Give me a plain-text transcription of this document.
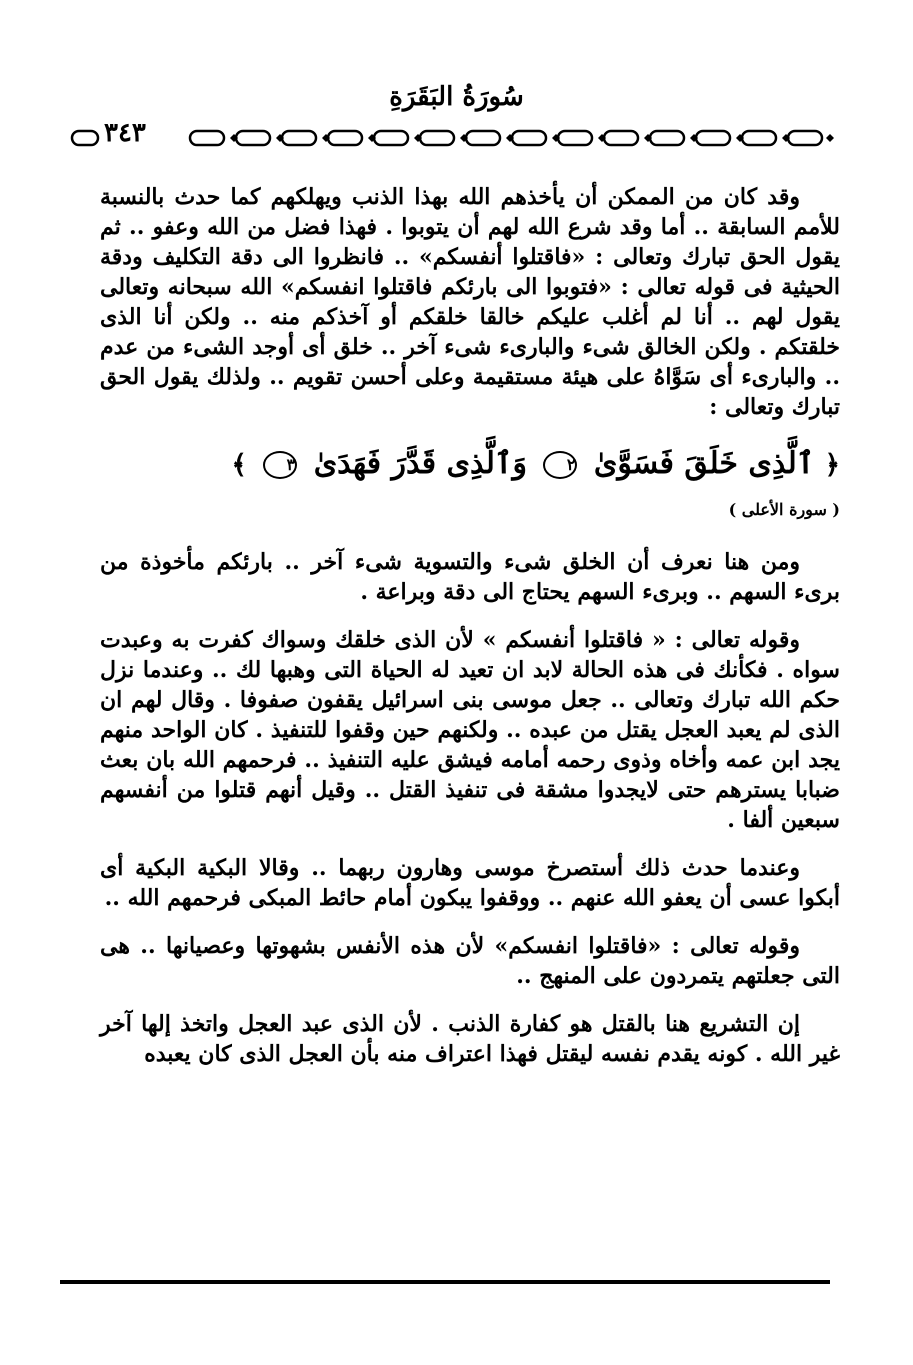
سُورَةُ البَقَرَةِ
٣٤٣

وقد كان من الممكن أن يأخذهم الله بهذا الذنب ويهلكهم كما حدث بالنسبة للأمم السابقة .. أما وقد شرع الله لهم أن يتوبوا . فهذا فضل من الله وعفو .. ثم يقول الحق تبارك وتعالى : «فاقتلوا أنفسكم» .. فانظروا الى دقة التكليف ودقة الحيثية فى قوله تعالى : «فتوبوا الى بارئكم فاقتلوا انفسكم» الله سبحانه وتعالى يقول لهم .. أنا لم أغلب عليكم خالقا خلقكم أو آخذكم منه .. ولكن أنا الذى خلقتكم . ولكن الخالق شىء والبارىء شىء آخر .. خلق أى أوجد الشىء من عدم .. والبارىء أى سَوَّاهُ على هيئة مستقيمة وعلى أحسن تقويم .. ولذلك يقول الحق تبارك وتعالى :

﴿ ٱلَّذِى خَلَقَ فَسَوَّىٰ ٢ وَٱلَّذِى قَدَّرَ فَهَدَىٰ ٣ ﴾
( سورة الأعلى )

ومن هنا نعرف أن الخلق شىء والتسوية شىء آخر .. بارئكم مأخوذة من برىء السهم .. وبرىء السهم يحتاج الى دقة وبراعة .

وقوله تعالى : « فاقتلوا أنفسكم » لأن الذى خلقك وسواك كفرت به وعبدت سواه . فكأنك فى هذه الحالة لابد ان تعيد له الحياة التى وهبها لك .. وعندما نزل حكم الله تبارك وتعالى .. جعل موسى بنى اسرائيل يقفون صفوفا . وقال لهم ان الذى لم يعبد العجل يقتل من عبده .. ولكنهم حين وقفوا للتنفيذ . كان الواحد منهم يجد ابن عمه وأخاه وذوى رحمه أمامه فيشق عليه التنفيذ .. فرحمهم الله بان بعث ضبابا يسترهم حتى لايجدوا مشقة فى تنفيذ القتل .. وقيل أنهم قتلوا من أنفسهم سبعين ألفا .

وعندما حدث ذلك أستصرخ موسى وهارون ربهما .. وقالا البكية البكية أى أبكوا عسى أن يعفو الله عنهم .. ووقفوا يبكون أمام حائط المبكى فرحمهم الله ..

وقوله تعالى : «فاقتلوا انفسكم» لأن هذه الأنفس بشهوتها وعصيانها .. هى التى جعلتهم يتمردون على المنهج ..

إن التشريع هنا بالقتل هو كفارة الذنب . لأن الذى عبد العجل واتخذ إلها آخر غير الله . كونه يقدم نفسه ليقتل فهذا اعتراف منه بأن العجل الذى كان يعبده
